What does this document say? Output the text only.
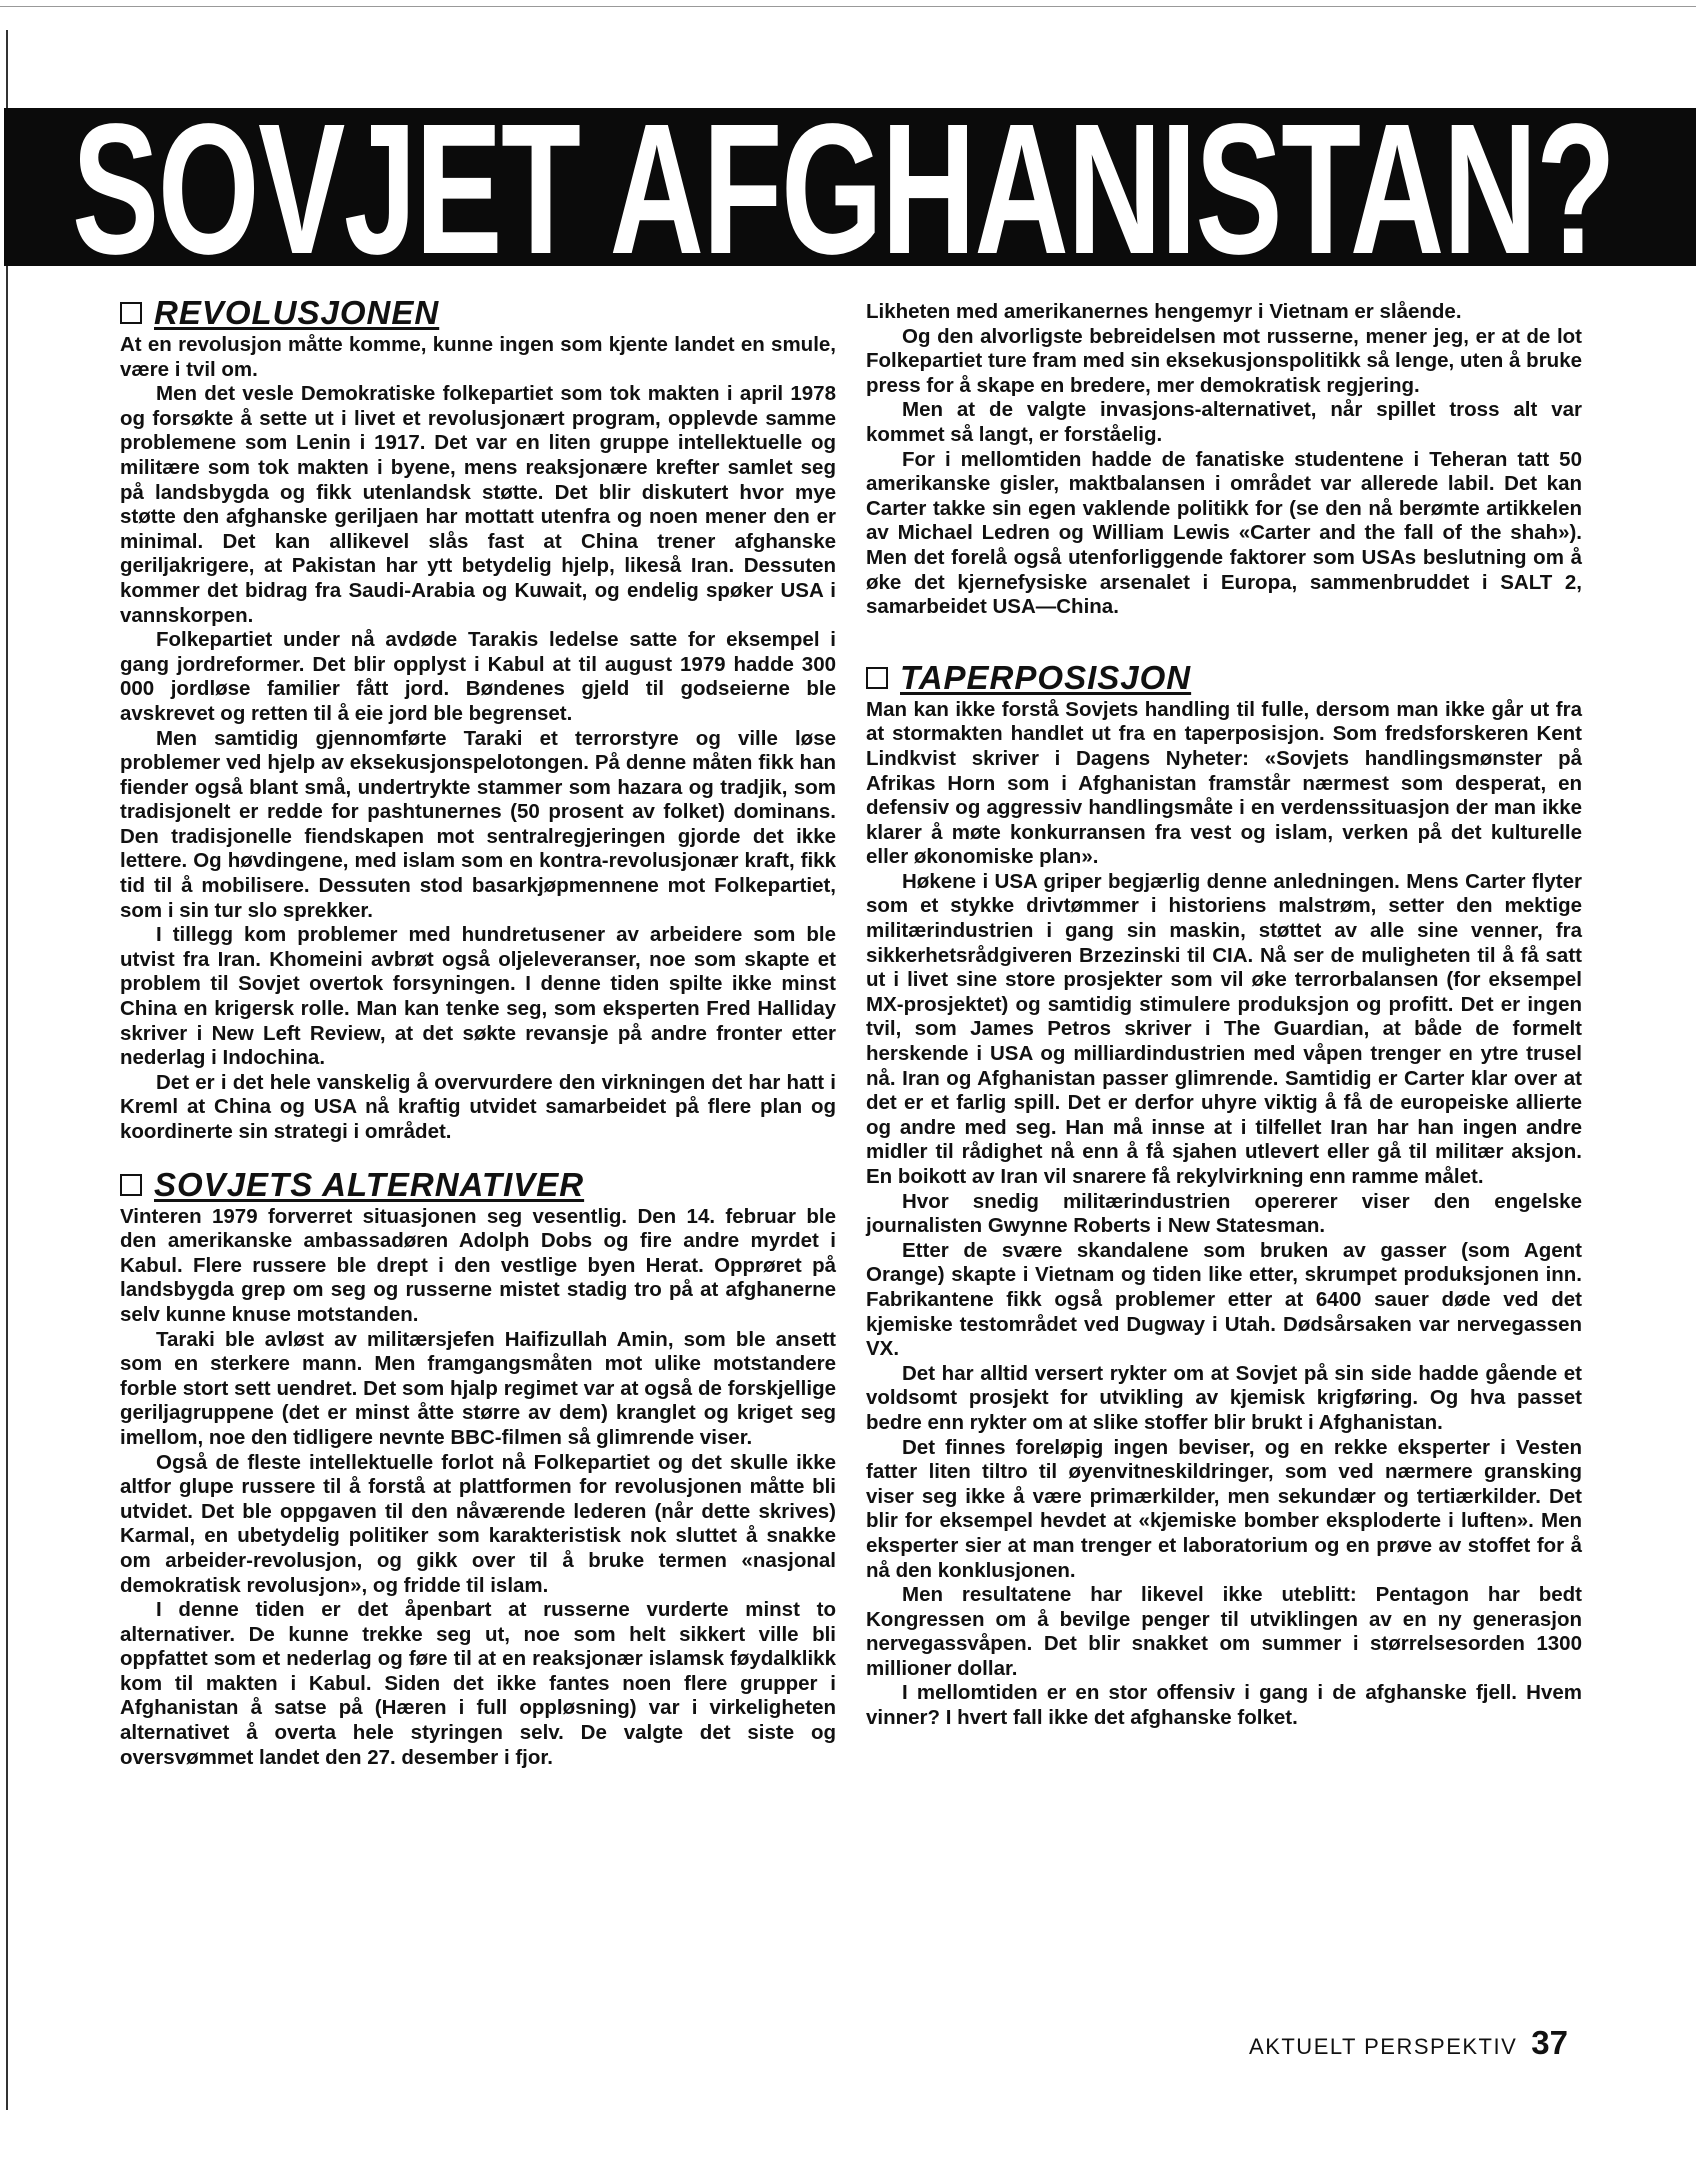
SOVJET AFGHANISTAN?
REVOLUSJONEN

At en revolusjon måtte komme, kunne ingen som kjente landet en smule, være i tvil om.

Men det vesle Demokratiske folkepartiet som tok makten i april 1978 og forsøkte å sette ut i livet et revolusjonært program, opplevde samme problemene som Lenin i 1917. Det var en liten gruppe intellektuelle og militære som tok makten i byene, mens reaksjonære krefter samlet seg på landsbygda og fikk utenlandsk støtte. Det blir diskutert hvor mye støtte den afghanske geriljaen har mottatt utenfra og noen mener den er minimal. Det kan allikevel slås fast at China trener afghanske geriljakrigere, at Pakistan har ytt betydelig hjelp, likeså Iran. Dessuten kommer det bidrag fra Saudi-Arabia og Kuwait, og endelig spøker USA i vannskorpen.

Folkepartiet under nå avdøde Tarakis ledelse satte for eksempel i gang jordreformer. Det blir opplyst i Kabul at til august 1979 hadde 300 000 jordløse familier fått jord. Bøndenes gjeld til godseierne ble avskrevet og retten til å eie jord ble begrenset.

Men samtidig gjennomførte Taraki et terrorstyre og ville løse problemer ved hjelp av eksekusjonspelotongen. På denne måten fikk han fiender også blant små, undertrykte stammer som hazara og tradjik, som tradisjonelt er redde for pashtunernes (50 prosent av folket) dominans. Den tradisjonelle fiendskapen mot sentralregjeringen gjorde det ikke lettere. Og høvdingene, med islam som en kontra-revolusjonær kraft, fikk tid til å mobilisere. Dessuten stod basarkjøpmennene mot Folkepartiet, som i sin tur slo sprekker.

I tillegg kom problemer med hundretusener av arbeidere som ble utvist fra Iran. Khomeini avbrøt også oljeleveranser, noe som skapte et problem til Sovjet overtok forsyningen. I denne tiden spilte ikke minst China en krigersk rolle. Man kan tenke seg, som eksperten Fred Halliday skriver i New Left Review, at det søkte revansje på andre fronter etter nederlag i Indochina.

Det er i det hele vanskelig å overvurdere den virkningen det har hatt i Kreml at China og USA nå kraftig utvidet samarbeidet på flere plan og koordinerte sin strategi i området.

SOVJETS ALTERNATIVER

Vinteren 1979 forverret situasjonen seg vesentlig. Den 14. februar ble den amerikanske ambassadøren Adolph Dobs og fire andre myrdet i Kabul. Flere russere ble drept i den vestlige byen Herat. Opprøret på landsbygda grep om seg og russerne mistet stadig tro på at afghanerne selv kunne knuse motstanden.

Taraki ble avløst av militærsjefen Haifizullah Amin, som ble ansett som en sterkere mann. Men framgangsmåten mot ulike motstandere forble stort sett uendret. Det som hjalp regimet var at også de forskjellige geriljagruppene (det er minst åtte større av dem) kranglet og kriget seg imellom, noe den tidligere nevnte BBC-filmen så glimrende viser.

Også de fleste intellektuelle forlot nå Folkepartiet og det skulle ikke altfor glupe russere til å forstå at plattformen for revolusjonen måtte bli utvidet. Det ble oppgaven til den nåværende lederen (når dette skrives) Karmal, en ubetydelig politiker som karakteristisk nok sluttet å snakke om arbeider-revolusjon, og gikk over til å bruke termen «nasjonal demokratisk revolusjon», og fridde til islam.

I denne tiden er det åpenbart at russerne vurderte minst to alternativer. De kunne trekke seg ut, noe som helt sikkert ville bli oppfattet som et nederlag og føre til at en reaksjonær islamsk føydalklikk kom til makten i Kabul. Siden det ikke fantes noen flere grupper i Afghanistan å satse på (Hæren i full oppløsning) var i virkeligheten alternativet å overta hele styringen selv. De valgte det siste og oversvømmet landet den 27. desember i fjor.

Likheten med amerikanernes hengemyr i Vietnam er slående.

Og den alvorligste bebreidelsen mot russerne, mener jeg, er at de lot Folkepartiet ture fram med sin eksekusjonspolitikk så lenge, uten å bruke press for å skape en bredere, mer demokratisk regjering.

Men at de valgte invasjons-alternativet, når spillet tross alt var kommet så langt, er forståelig.

For i mellomtiden hadde de fanatiske studentene i Teheran tatt 50 amerikanske gisler, maktbalansen i området var allerede labil. Det kan Carter takke sin egen vaklende politikk for (se den nå berømte artikkelen av Michael Ledren og William Lewis «Carter and the fall of the shah»). Men det forelå også utenforliggende faktorer som USAs beslutning om å øke det kjernefysiske arsenalet i Europa, sammenbruddet i SALT 2, samarbeidet USA—China.

TAPERPOSISJON

Man kan ikke forstå Sovjets handling til fulle, dersom man ikke går ut fra at stormakten handlet ut fra en taperposisjon. Som fredsforskeren Kent Lindkvist skriver i Dagens Nyheter: «Sovjets handlingsmønster på Afrikas Horn som i Afghanistan framstår nærmest som desperat, en defensiv og aggressiv handlingsmåte i en verdenssituasjon der man ikke klarer å møte konkurransen fra vest og islam, verken på det kulturelle eller økonomiske plan».

Høkene i USA griper begjærlig denne anledningen. Mens Carter flyter som et stykke drivtømmer i historiens malstrøm, setter den mektige militærindustrien i gang sin maskin, støttet av alle sine venner, fra sikkerhetsrådgiveren Brzezinski til CIA. Nå ser de muligheten til å få satt ut i livet sine store prosjekter som vil øke terrorbalansen (for eksempel MX-prosjektet) og samtidig stimulere produksjon og profitt. Det er ingen tvil, som James Petros skriver i The Guardian, at både de formelt herskende i USA og milliardindustrien med våpen trenger en ytre trusel nå. Iran og Afghanistan passer glimrende. Samtidig er Carter klar over at det er et farlig spill. Det er derfor uhyre viktig å få de europeiske allierte og andre med seg. Han må innse at i tilfellet Iran har han ingen andre midler til rådighet nå enn å få sjahen utlevert eller gå til militær aksjon. En boikott av Iran vil snarere få rekylvirkning enn ramme målet.

Hvor snedig militærindustrien opererer viser den engelske journalisten Gwynne Roberts i New Statesman.

Etter de svære skandalene som bruken av gasser (som Agent Orange) skapte i Vietnam og tiden like etter, skrumpet produksjonen inn. Fabrikantene fikk også problemer etter at 6400 sauer døde ved det kjemiske testområdet ved Dugway i Utah. Dødsårsaken var nervegassen VX.

Det har alltid versert rykter om at Sovjet på sin side hadde gående et voldsomt prosjekt for utvikling av kjemisk krigføring. Og hva passet bedre enn rykter om at slike stoffer blir brukt i Afghanistan.

Det finnes foreløpig ingen beviser, og en rekke eksperter i Vesten fatter liten tiltro til øyenvitneskildringer, som ved nærmere gransking viser seg ikke å være primærkilder, men sekundær og tertiærkilder. Det blir for eksempel hevdet at «kjemiske bomber eksploderte i luften». Men eksperter sier at man trenger et laboratorium og en prøve av stoffet for å nå den konklusjonen.

Men resultatene har likevel ikke uteblitt: Pentagon har bedt Kongressen om å bevilge penger til utviklingen av en ny generasjon nervegassvåpen. Det blir snakket om summer i størrelsesorden 1300 millioner dollar.

I mellomtiden er en stor offensiv i gang i de afghanske fjell. Hvem vinner? I hvert fall ikke det afghanske folket.

AKTUELT PERSPEKTIV 37
